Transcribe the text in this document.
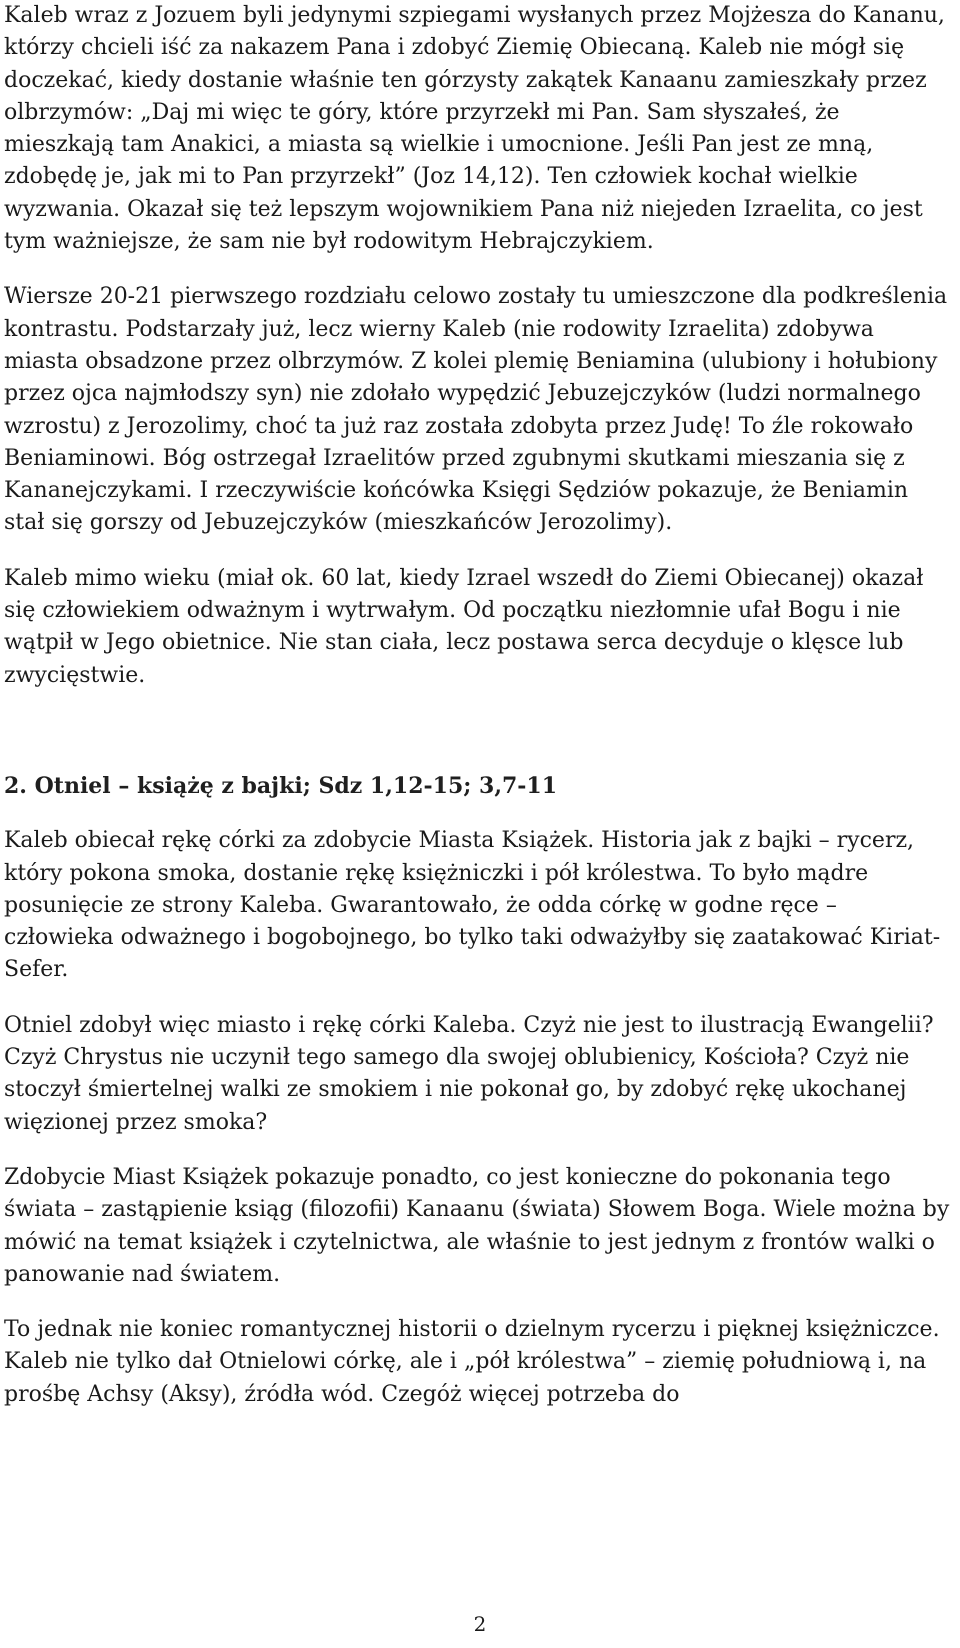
Kaleb wraz z Jozuem byli jedynymi szpiegami wysłanych przez Mojżesza do Kananu, którzy chcieli iść za nakazem Pana i zdobyć Ziemię Obiecaną. Kaleb nie mógł się doczekać, kiedy dostanie właśnie ten górzysty zakątek Kanaanu zamieszkały przez olbrzymów: „Daj mi więc te góry, które przyrzekł mi Pan. Sam słyszałeś, że mieszkają tam Anakici, a miasta są wielkie i umocnione. Jeśli Pan jest ze mną, zdobędę je, jak mi to Pan przyrzekł” (Joz 14,12). Ten człowiek kochał wielkie wyzwania. Okazał się też lepszym wojownikiem Pana niż niejeden Izraelita, co jest tym ważniejsze, że sam nie był rodowitym Hebrajczykiem.

Wiersze 20-21 pierwszego rozdziału celowo zostały tu umieszczone dla podkreślenia kontrastu. Podstarzały już, lecz wierny Kaleb (nie rodowity Izraelita) zdobywa miasta obsadzone przez olbrzymów. Z kolei plemię Beniamina (ulubiony i hołubiony przez ojca najmłodszy syn) nie zdołało wypędzić Jebuzejczyków (ludzi normalnego wzrostu) z Jerozolimy, choć ta już raz została zdobyta przez Judę! To źle rokowało Beniaminowi. Bóg ostrzegał Izraelitów przed zgubnymi skutkami mieszania się z Kananejczykami. I rzeczywiście końcówka Księgi Sędziów pokazuje, że Beniamin stał się gorszy od Jebuzejczyków (mieszkańców Jerozolimy).

Kaleb mimo wieku (miał ok. 60 lat, kiedy Izrael wszedł do Ziemi Obiecanej) okazał się człowiekiem odważnym i wytrwałym. Od początku niezłomnie ufał Bogu i nie wątpił w Jego obietnice. Nie stan ciała, lecz postawa serca decyduje o klęsce lub zwycięstwie.

2. Otniel – książę z bajki; Sdz 1,12-15; 3,7-11

Kaleb obiecał rękę córki za zdobycie Miasta Książek. Historia jak z bajki – rycerz, który pokona smoka, dostanie rękę księżniczki i pół królestwa. To było mądre posunięcie ze strony Kaleba. Gwarantowało, że odda córkę w godne ręce – człowieka odważnego i bogobojnego, bo tylko taki odważyłby się zaatakować Kiriat-Sefer.

Otniel zdobył więc miasto i rękę córki Kaleba. Czyż nie jest to ilustracją Ewangelii? Czyż Chrystus nie uczynił tego samego dla swojej oblubienicy, Kościoła? Czyż nie stoczył śmiertelnej walki ze smokiem i nie pokonał go, by zdobyć rękę ukochanej więzionej przez smoka?

Zdobycie Miast Książek pokazuje ponadto, co jest konieczne do pokonania tego świata – zastąpienie ksiąg (filozofii) Kanaanu (świata) Słowem Boga. Wiele można by mówić na temat książek i czytelnictwa, ale właśnie to jest jednym z frontów walki o panowanie nad światem.

To jednak nie koniec romantycznej historii o dzielnym rycerzu i pięknej księżniczce. Kaleb nie tylko dał Otnielowi córkę, ale i „pół królestwa” – ziemię południową i, na prośbę Achsy (Aksy), źródła wód. Czegóż więcej potrzeba do

2
